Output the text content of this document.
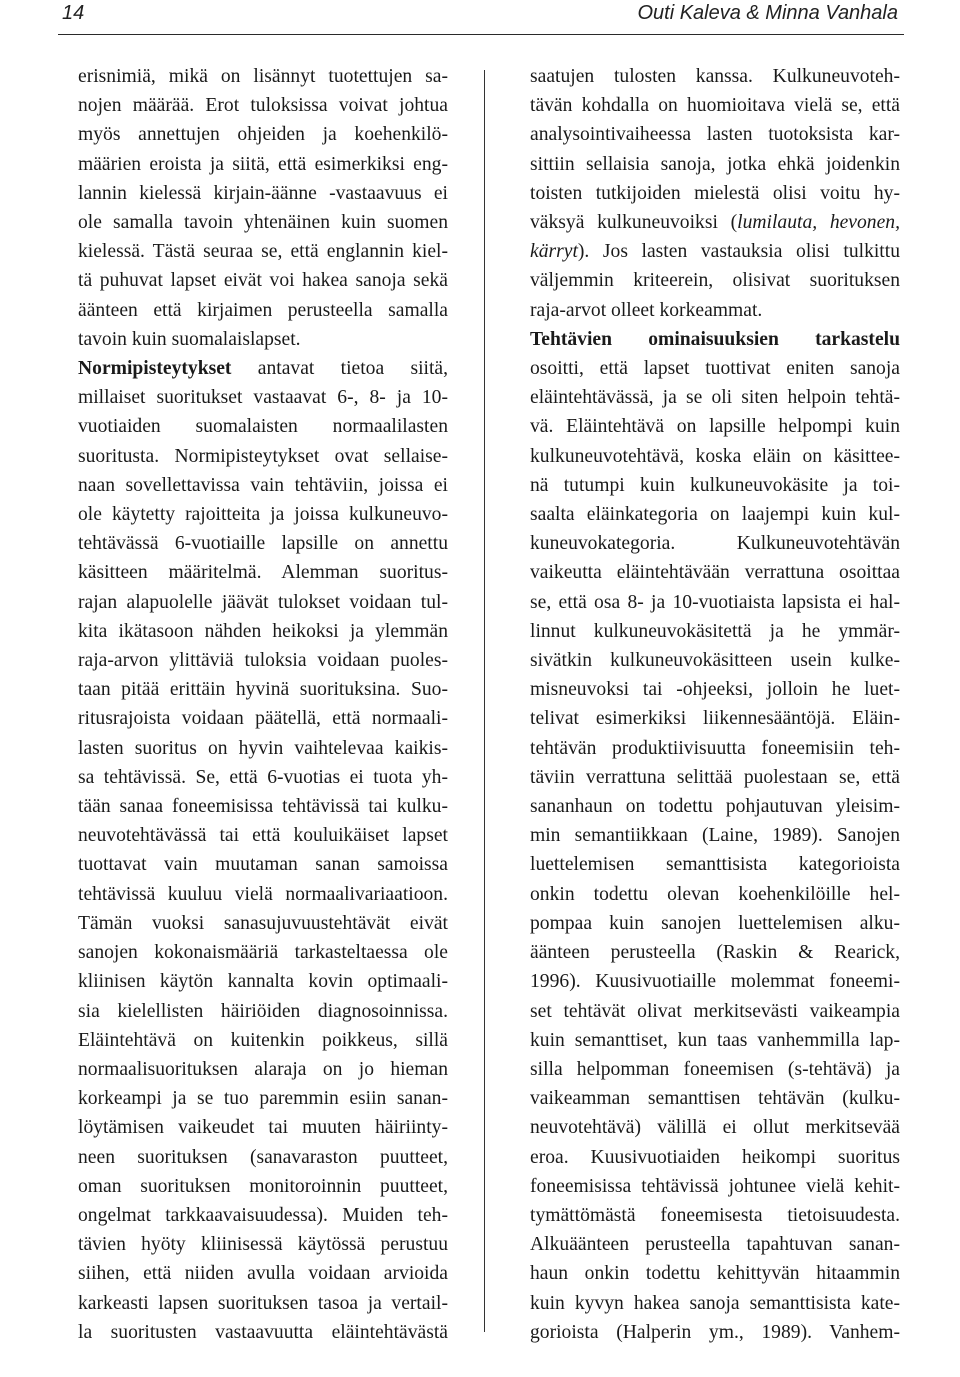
14	Outi Kaleva & Minna Vanhala
erisnimiä, mikä on lisännyt tuotettujen sa-
nojen määrää. Erot tuloksissa voivat johtua
myös annettujen ohjeiden ja koehenkilö-
määrien eroista ja siitä, että esimerkiksi eng-
lannin kielessä kirjain-äänne -vastaavuus ei
ole samalla tavoin yhtenäinen kuin suomen
kielessä. Tästä seuraa se, että englannin kiel-
tä puhuvat lapset eivät voi hakea sanoja sekä
äänteen että kirjaimen perusteella samalla
tavoin kuin suomalaislapset.
Normipisteytykset antavat tietoa siitä,
millaiset suoritukset vastaavat 6-, 8- ja 10-
vuotiaiden suomalaisten normaalilasten
suoritusta. Normipisteytykset ovat sellaise-
naan sovellettavissa vain tehtäviin, joissa ei
ole käytetty rajoitteita ja joissa kulkuneuvo-
tehtävässä 6-vuotiaille lapsille on annettu
käsitteen määritelmä. Alemman suoritus-
rajan alapuolelle jäävät tulokset voidaan tul-
kita ikätasoon nähden heikoksi ja ylemmän
raja-arvon ylittäviä tuloksia voidaan puoles-
taan pitää erittäin hyvinä suorituksina. Suo-
ritusrajoista voidaan päätellä, että normaali-
lasten suoritus on hyvin vaihtelevaa kaikis-
sa tehtävissä. Se, että 6-vuotias ei tuota yh-
tään sanaa foneemisissa tehtävissä tai kulku-
neuvotehtävässä tai että kouluikäiset lapset
tuottavat vain muutaman sanan samoissa
tehtävissä kuuluu vielä normaalivariaatioon.
Tämän vuoksi sanasujuvuustehtävät eivät
sanojen kokonaismääriä tarkasteltaessa ole
kliinisen käytön kannalta kovin optimaali-
sia kielellisten häiriöiden diagnosoinnissa.
Eläintehtävä on kuitenkin poikkeus, sillä
normaalisuorituksen alaraja on jo hieman
korkeampi ja se tuo paremmin esiin sanan-
löytämisen vaikeudet tai muuten häiriinty-
neen suorituksen (sanavaraston puutteet,
oman suorituksen monitoroinnin puutteet,
ongelmat tarkkaavaisuudessa). Muiden teh-
tävien hyöty kliinisessä käytössä perustuu
siihen, että niiden avulla voidaan arvioida
karkeasti lapsen suorituksen tasoa ja vertail-
la suoritusten vastaavuutta eläintehtävästä
saatujen tulosten kanssa. Kulkuneuvoteh-
tävän kohdalla on huomioitava vielä se, että
analysointivaiheessa lasten tuotoksista kar-
sittiin sellaisia sanoja, jotka ehkä joidenkin
toisten tutkijoiden mielestä olisi voitu hy-
väksyä kulkuneuvoiksi (lumilauta, hevonen,
kärryt). Jos lasten vastauksia olisi tulkittu
väljemmin kriteerein, olisivat suorituksen
raja-arvot olleet korkeammat.
Tehtävien ominaisuuksien tarkastelu
osoitti, että lapset tuottivat eniten sanoja
eläintehtävässä, ja se oli siten helpoin tehtä-
vä. Eläintehtävä on lapsille helpompi kuin
kulkuneuvotehtävä, koska eläin on käsittee-
nä tutumpi kuin kulkuneuvokäsite ja toi-
saalta eläinkategoria on laajempi kuin kul-
kuneuvokategoria. Kulkuneuvotehtävän
vaikeutta eläintehtävään verrattuna osoittaa
se, että osa 8- ja 10-vuotiaista lapsista ei hal-
linnut kulkuneuvokäsitettä ja he ymmär-
sivätkin kulkuneuvokäsitteen usein kulke-
misneuvoksi tai -ohjeeksi, jolloin he luet-
telivat esimerkiksi liikennesääntöjä. Eläin-
tehtävän produktiivisuutta foneemisiin teh-
täviin verrattuna selittää puolestaan se, että
sananhaun on todettu pohjautuvan yleisim-
min semantiikkaan (Laine, 1989). Sanojen
luettelemisen semanttisista kategorioista
onkin todettu olevan koehenkilöille hel-
pompaa kuin sanojen luettelemisen alku-
äänteen perusteella (Raskin & Rearick,
1996). Kuusivuotiaille molemmat foneemi-
set tehtävät olivat merkitsevästi vaikeampia
kuin semanttiset, kun taas vanhemmilla lap-
silla helpomman foneemisen (s-tehtävä) ja
vaikeamman semanttisen tehtävän (kulku-
neuvotehtävä) välillä ei ollut merkitsevää
eroa. Kuusivuotiaiden heikompi suoritus
foneemisissa tehtävissä johtunee vielä kehit-
tymättömästä foneemisesta tietoisuudesta.
Alkuäänteen perusteella tapahtuvan sanan-
haun onkin todettu kehittyvän hitaammin
kuin kyvyn hakea sanoja semanttisista kate-
gorioista (Halperin ym., 1989). Vanhem-
